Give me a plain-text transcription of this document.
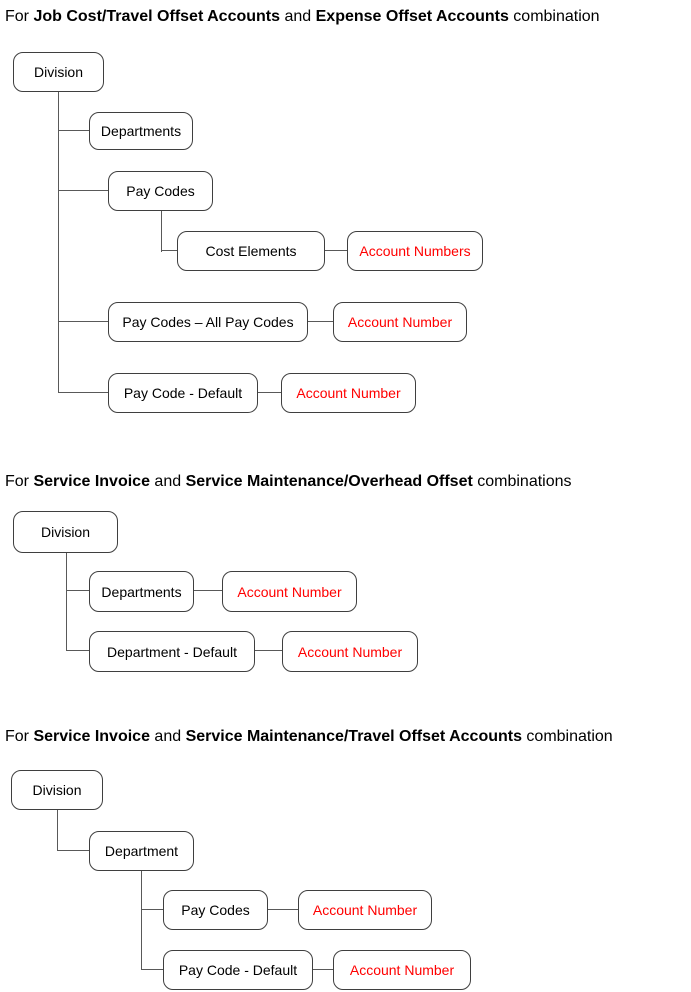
For Job Cost/Travel Offset Accounts and Expense Offset Accounts combination
Division
Departments
Pay Codes
Cost Elements	Account Numbers
Pay Codes – All Pay Codes	Account Number
Pay Code - Default	Account Number
For Service Invoice and Service Maintenance/Overhead Offset combinations
Division
Departments	Account Number
Department - Default	Account Number
For Service Invoice and Service Maintenance/Travel Offset Accounts combination
Division
Department
Pay Codes	Account Number
Pay Code - Default	Account Number
